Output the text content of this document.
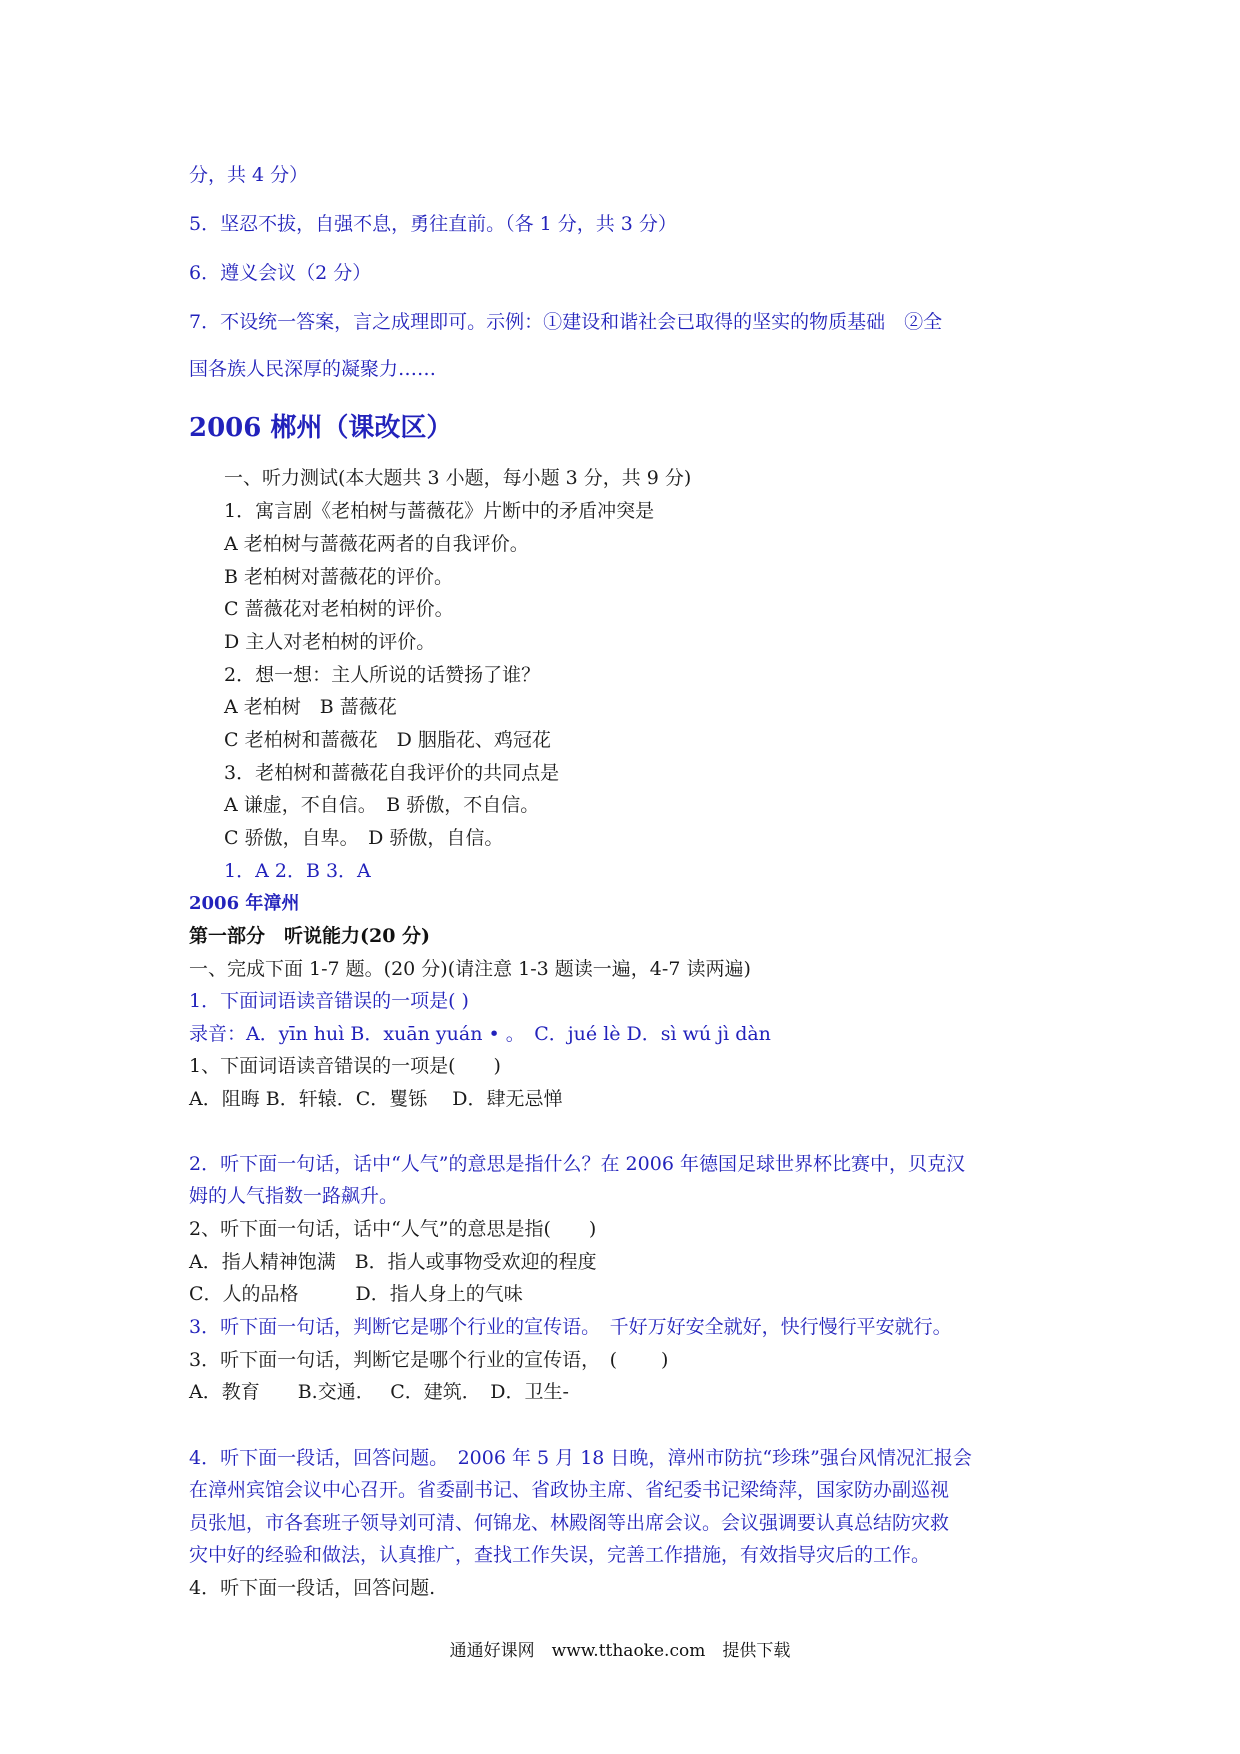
分，共 4 分）
5．坚忍不拔，自强不息，勇往直前。（各 1 分，共 3 分）
6．遵义会议（2 分）
7．不设统一答案，言之成理即可。示例：①建设和谐社会已取得的坚实的物质基础　②全
国各族人民深厚的凝聚力……
2006 郴州（课改区）
一、听力测试(本大题共 3 小题，每小题 3 分，共 9 分)
1．寓言剧《老柏树与蔷薇花》片断中的矛盾冲突是
A 老柏树与蔷薇花两者的自我评价。
B 老柏树对蔷薇花的评价。
C 蔷薇花对老柏树的评价。
D 主人对老柏树的评价。
2．想一想：主人所说的话赞扬了谁？
A 老柏树　B 蔷薇花
C 老柏树和蔷薇花　D 胭脂花、鸡冠花
3．老柏树和蔷薇花自我评价的共同点是
A 谦虚，不自信。　B 骄傲，不自信。
C 骄傲，自卑。　D 骄傲，自信。
1．A 2．B 3．A
2006 年漳州
第一部分　听说能力(20 分)
一、完成下面 1-7 题。(20 分)(请注意 1-3 题读一遍，4-7 读两遍)
1．下面词语读音错误的一项是( )
录音：A．yīn huì B．xuān yuán • 。　C．jué lè D．sì wú jì dàn
1、下面词语读音错误的一项是(　　)
A．阻晦 B．轩辕．C．矍铄　 D．肆无忌惮
2．听下面一句话，话中“人气”的意思是指什么？在 2006 年德国足球世界杯比赛中，贝克汉
姆的人气指数一路飙升。
2、听下面一句话，话中“人气”的意思是指(　　)
A．指人精神饱满　B．指人或事物受欢迎的程度
C．人的品格　　　D．指人身上的气味
3．听下面一句话，判断它是哪个行业的宣传语。　千好万好安全就好，快行慢行平安就行。
3．听下面一句话，判断它是哪个行业的宣传语，　(　　 )
A．教育　　B.交通．　 C．建筑．　D．卫生-
4．听下面一段话，回答问题。　2006 年 5 月 18 日晚，漳州市防抗“珍珠”强台风情况汇报会
在漳州宾馆会议中心召开。省委副书记、省政协主席、省纪委书记梁绮萍，国家防办副巡视
员张旭，市各套班子领导刘可清、何锦龙、林殿阁等出席会议。会议强调要认真总结防灾救
灾中好的经验和做法，认真推广，查找工作失误，完善工作措施，有效指导灾后的工作。
4．听下面一段话，回答问题.
通通好课网　www.tthaoke.com　提供下载
